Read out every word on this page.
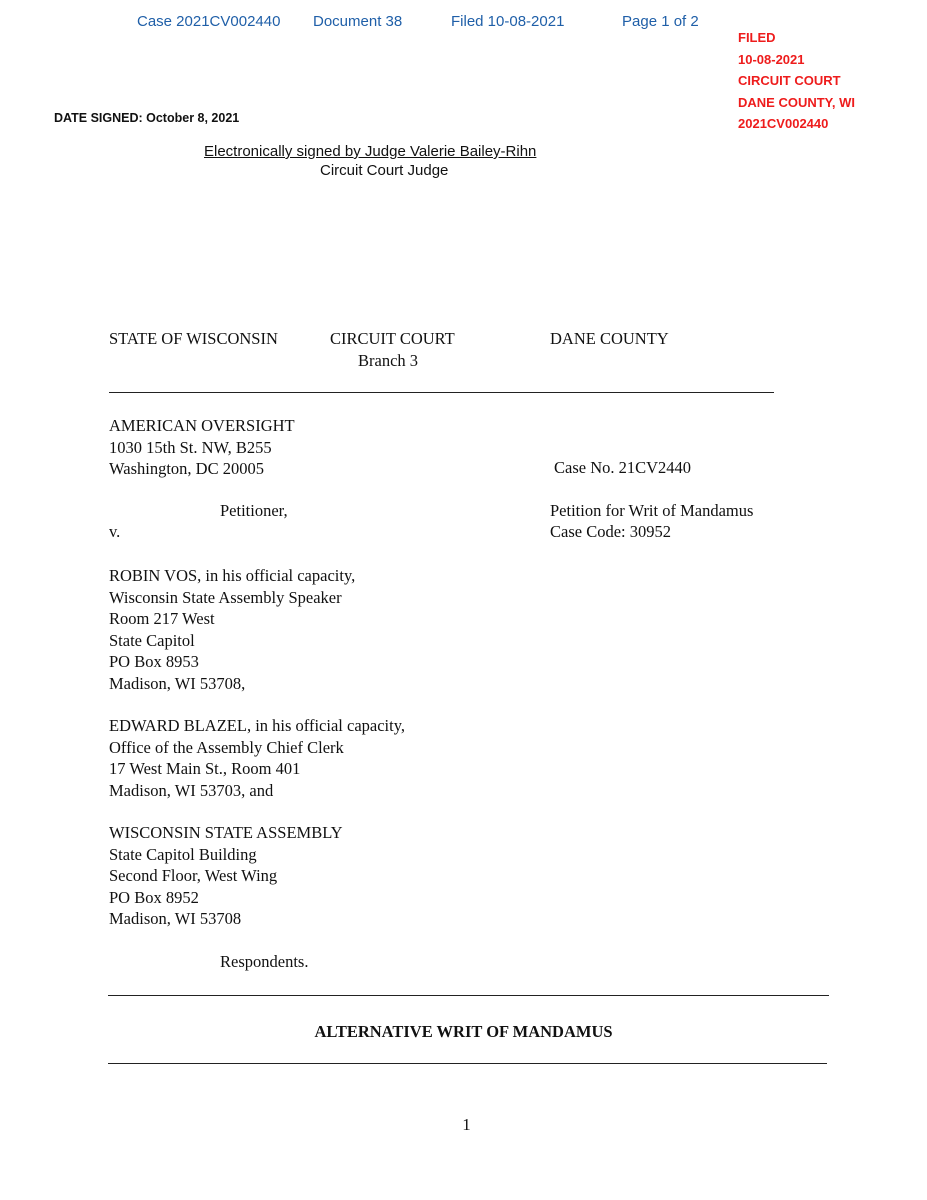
Case 2021CV002440 Document 38	Filed 10-08-2021	Page 1 of 2
FILED
10-08-2021
CIRCUIT COURT
DANE COUNTY, WI
2021CV002440
DATE SIGNED: October 8, 2021
Electronically signed by Judge Valerie Bailey-Rihn
Circuit Court Judge
STATE OF WISCONSIN	CIRCUIT COURT
Branch 3
DANE COUNTY
AMERICAN OVERSIGHT
1030 15th St. NW, B255
Washington, DC 20005
Petitioner,
v.
Case No. 21CV2440
Petition for Writ of Mandamus
Case Code: 30952
ROBIN VOS, in his official capacity,
Wisconsin State Assembly Speaker
Room 217 West
State Capitol
PO Box 8953
Madison, WI 53708,
EDWARD BLAZEL, in his official capacity,
Office of the Assembly Chief Clerk
17 West Main St., Room 401
Madison, WI 53703, and
WISCONSIN STATE ASSEMBLY
State Capitol Building
Second Floor, West Wing
PO Box 8952
Madison, WI 53708
Respondents.
ALTERNATIVE WRIT OF MANDAMUS
1
